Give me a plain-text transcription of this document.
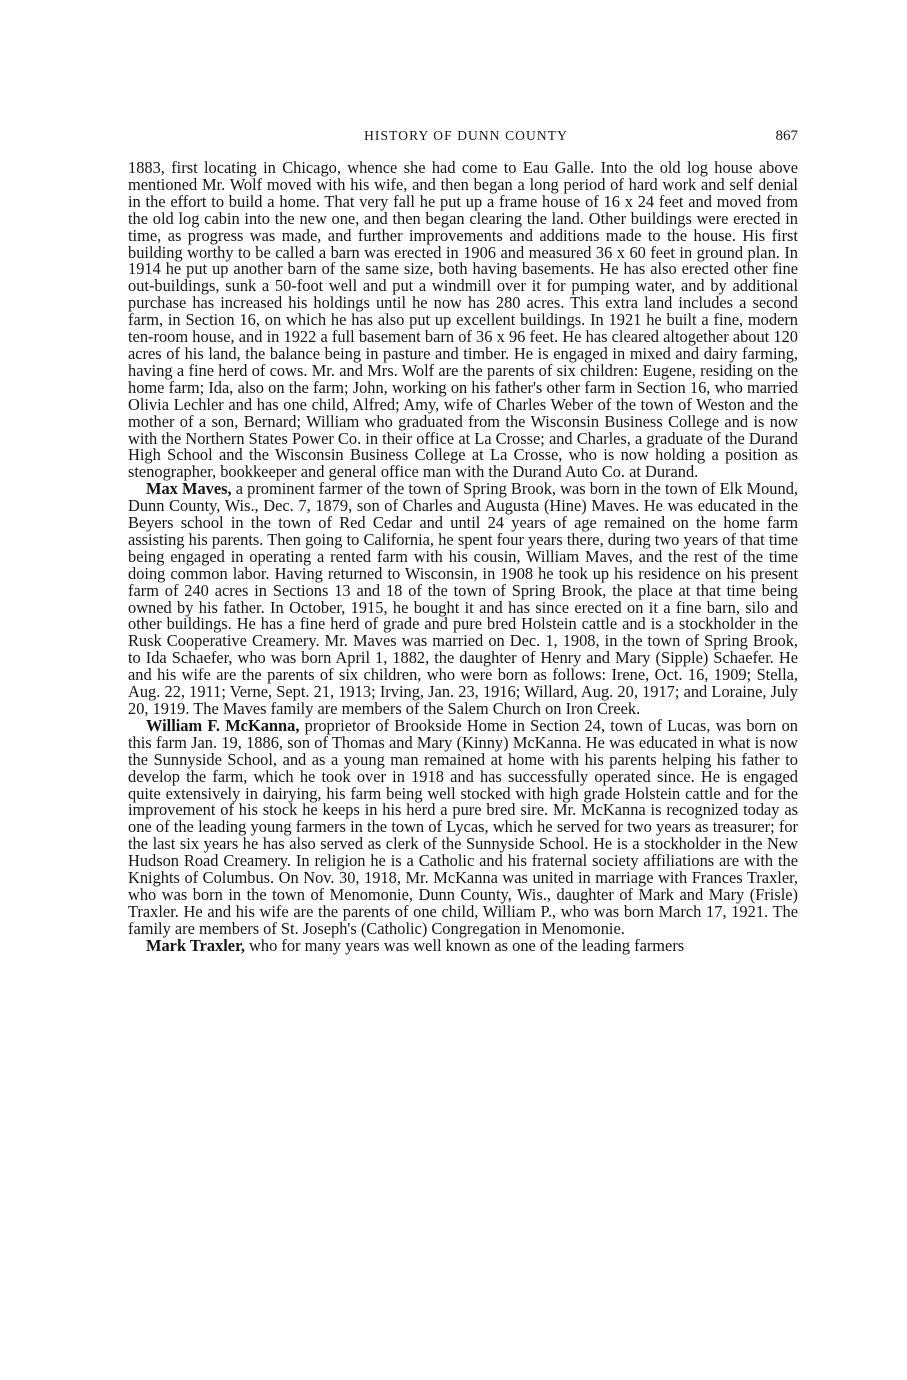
HISTORY OF DUNN COUNTY	867

1883, first locating in Chicago, whence she had come to Eau Galle. Into the old log house above mentioned Mr. Wolf moved with his wife, and then began a long period of hard work and self denial in the effort to build a home. That very fall he put up a frame house of 16 x 24 feet and moved from the old log cabin into the new one, and then began clearing the land. Other buildings were erected in time, as progress was made, and further improvements and additions made to the house. His first building worthy to be called a barn was erected in 1906 and measured 36 x 60 feet in ground plan. In 1914 he put up another barn of the same size, both having basements. He has also erected other fine out-buildings, sunk a 50-foot well and put a windmill over it for pumping water, and by additional purchase has increased his holdings until he now has 280 acres. This extra land includes a second farm, in Section 16, on which he has also put up excellent buildings. In 1921 he built a fine, modern ten-room house, and in 1922 a full basement barn of 36 x 96 feet. He has cleared altogether about 120 acres of his land, the balance being in pasture and timber. He is engaged in mixed and dairy farming, having a fine herd of cows. Mr. and Mrs. Wolf are the parents of six children: Eugene, residing on the home farm; Ida, also on the farm; John, working on his father's other farm in Section 16, who married Olivia Lechler and has one child, Alfred; Amy, wife of Charles Weber of the town of Weston and the mother of a son, Bernard; William who graduated from the Wisconsin Business College and is now with the Northern States Power Co. in their office at La Crosse; and Charles, a graduate of the Durand High School and the Wisconsin Business College at La Crosse, who is now holding a position as stenographer, bookkeeper and general office man with the Durand Auto Co. at Durand.

Max Maves, a prominent farmer of the town of Spring Brook, was born in the town of Elk Mound, Dunn County, Wis., Dec. 7, 1879, son of Charles and Augusta (Hine) Maves. He was educated in the Beyers school in the town of Red Cedar and until 24 years of age remained on the home farm assisting his parents. Then going to California, he spent four years there, during two years of that time being engaged in operating a rented farm with his cousin, William Maves, and the rest of the time doing common labor. Having returned to Wisconsin, in 1908 he took up his residence on his present farm of 240 acres in Sections 13 and 18 of the town of Spring Brook, the place at that time being owned by his father. In October, 1915, he bought it and has since erected on it a fine barn, silo and other buildings. He has a fine herd of grade and pure bred Holstein cattle and is a stockholder in the Rusk Cooperative Creamery. Mr. Maves was married on Dec. 1, 1908, in the town of Spring Brook, to Ida Schaefer, who was born April 1, 1882, the daughter of Henry and Mary (Sipple) Schaefer. He and his wife are the parents of six children, who were born as follows: Irene, Oct. 16, 1909; Stella, Aug. 22, 1911; Verne, Sept. 21, 1913; Irving, Jan. 23, 1916; Willard, Aug. 20, 1917; and Loraine, July 20, 1919. The Maves family are members of the Salem Church on Iron Creek.

William F. McKanna, proprietor of Brookside Home in Section 24, town of Lucas, was born on this farm Jan. 19, 1886, son of Thomas and Mary (Kinny) McKanna. He was educated in what is now the Sunnyside School, and as a young man remained at home with his parents helping his father to develop the farm, which he took over in 1918 and has successfully operated since. He is engaged quite extensively in dairying, his farm being well stocked with high grade Holstein cattle and for the improvement of his stock he keeps in his herd a pure bred sire. Mr. McKanna is recognized today as one of the leading young farmers in the town of Lycas, which he served for two years as treasurer; for the last six years he has also served as clerk of the Sunnyside School. He is a stockholder in the New Hudson Road Creamery. In religion he is a Catholic and his fraternal society affiliations are with the Knights of Columbus. On Nov. 30, 1918, Mr. McKanna was united in marriage with Frances Traxler, who was born in the town of Menomonie, Dunn County, Wis., daughter of Mark and Mary (Frisle) Traxler. He and his wife are the parents of one child, William P., who was born March 17, 1921. The family are members of St. Joseph's (Catholic) Congregation in Menomonie.

Mark Traxler, who for many years was well known as one of the leading farmers
